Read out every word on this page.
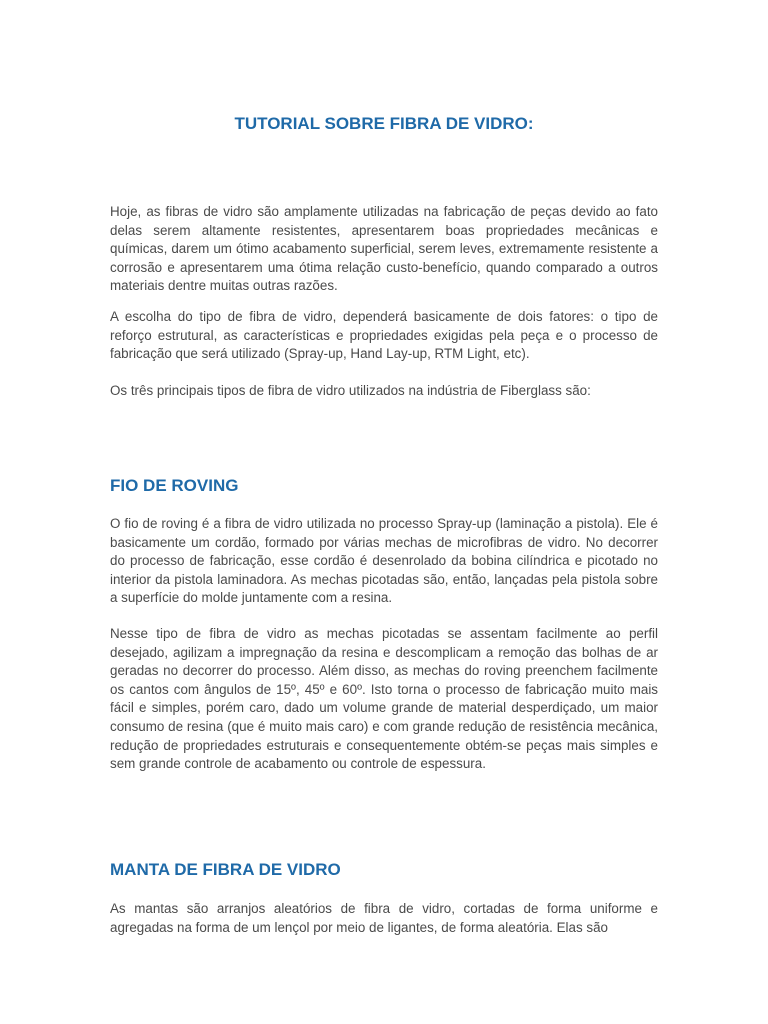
TUTORIAL SOBRE FIBRA DE VIDRO:

Hoje, as fibras de vidro são amplamente utilizadas na fabricação de peças devido ao fato delas serem altamente resistentes, apresentarem boas propriedades mecânicas e químicas, darem um ótimo acabamento superficial, serem leves, extremamente resistente a corrosão e apresentarem uma ótima relação custo-benefício, quando comparado a outros materiais dentre muitas outras razões.

A escolha do tipo de fibra de vidro, dependerá basicamente de dois fatores: o tipo de reforço estrutural, as características e propriedades exigidas pela peça e o processo de fabricação que será utilizado (Spray-up, Hand Lay-up, RTM Light, etc).

Os três principais tipos de fibra de vidro utilizados na indústria de Fiberglass são:

FIO DE ROVING

O fio de roving é a fibra de vidro utilizada no processo Spray-up (laminação a pistola). Ele é basicamente um cordão, formado por várias mechas de microfibras de vidro. No decorrer do processo de fabricação, esse cordão é desenrolado da bobina cilíndrica e picotado no interior da pistola laminadora. As mechas picotadas são, então, lançadas pela pistola sobre a superfície do molde juntamente com a resina.

Nesse tipo de fibra de vidro as mechas picotadas se assentam facilmente ao perfil desejado, agilizam a impregnação da resina e descomplicam a remoção das bolhas de ar geradas no decorrer do processo. Além disso, as mechas do roving preenchem facilmente os cantos com ângulos de 15º, 45º e 60º. Isto torna o processo de fabricação muito mais fácil e simples, porém caro, dado um volume grande de material desperdiçado, um maior consumo de resina (que é muito mais caro) e com grande redução de resistência mecânica, redução de propriedades estruturais e consequentemente obtém-se peças mais simples e sem grande controle de acabamento ou controle de espessura.

MANTA DE FIBRA DE VIDRO

As mantas são arranjos aleatórios de fibra de vidro, cortadas de forma uniforme e agregadas na forma de um lençol por meio de ligantes, de forma aleatória. Elas são
